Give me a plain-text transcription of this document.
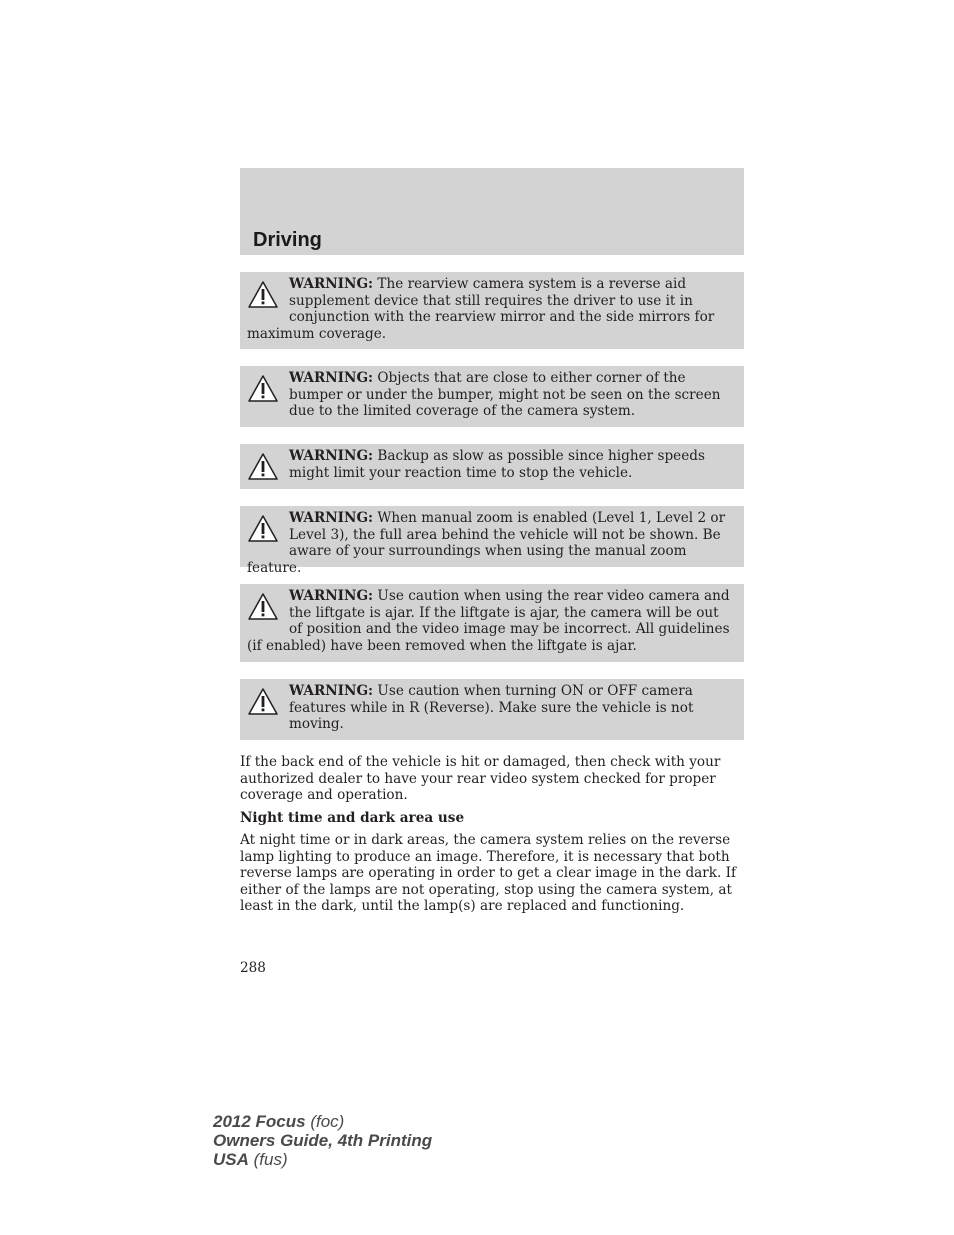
Driving
WARNING: The rearview camera system is a reverse aid supplement device that still requires the driver to use it in conjunction with the rearview mirror and the side mirrors for maximum coverage.
WARNING: Objects that are close to either corner of the bumper or under the bumper, might not be seen on the screen due to the limited coverage of the camera system.
WARNING: Backup as slow as possible since higher speeds might limit your reaction time to stop the vehicle.
WARNING: When manual zoom is enabled (Level 1, Level 2 or Level 3), the full area behind the vehicle will not be shown. Be aware of your surroundings when using the manual zoom feature.
WARNING: Use caution when using the rear video camera and the liftgate is ajar. If the liftgate is ajar, the camera will be out of position and the video image may be incorrect. All guidelines (if enabled) have been removed when the liftgate is ajar.
WARNING: Use caution when turning ON or OFF camera features while in R (Reverse). Make sure the vehicle is not moving.
If the back end of the vehicle is hit or damaged, then check with your authorized dealer to have your rear video system checked for proper coverage and operation.
Night time and dark area use
At night time or in dark areas, the camera system relies on the reverse lamp lighting to produce an image. Therefore, it is necessary that both reverse lamps are operating in order to get a clear image in the dark. If either of the lamps are not operating, stop using the camera system, at least in the dark, until the lamp(s) are replaced and functioning.
288
2012 Focus (foc)
Owners Guide, 4th Printing
USA (fus)
